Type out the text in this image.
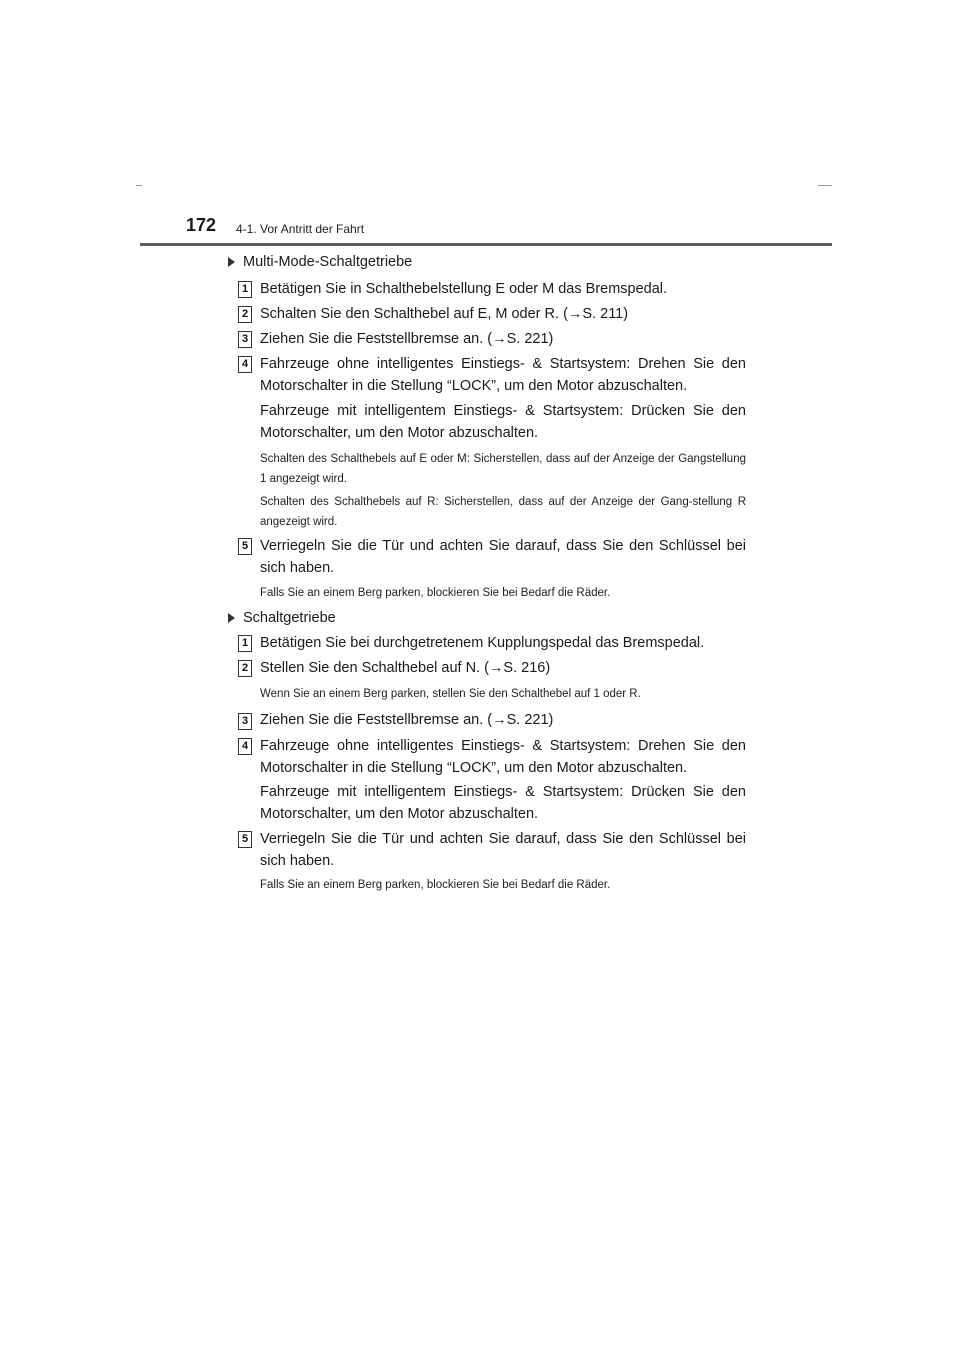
172 4-1. Vor Antritt der Fahrt
Multi-Mode-Schaltgetriebe
1 Betätigen Sie in Schalthebelstellung E oder M das Bremspedal.
2 Schalten Sie den Schalthebel auf E, M oder R. (→S. 211)
3 Ziehen Sie die Feststellbremse an. (→S. 221)
4 Fahrzeuge ohne intelligentes Einstiegs- & Startsystem: Drehen Sie den Motorschalter in die Stellung “LOCK”, um den Motor abzuschalten.
Fahrzeuge mit intelligentem Einstiegs- & Startsystem: Drücken Sie den Motorschalter, um den Motor abzuschalten.
Schalten des Schalthebels auf E oder M: Sicherstellen, dass auf der Anzeige der Gangstellung 1 angezeigt wird.
Schalten des Schalthebels auf R: Sicherstellen, dass auf der Anzeige der Gang-stellung R angezeigt wird.
5 Verriegeln Sie die Tür und achten Sie darauf, dass Sie den Schlüssel bei sich haben.
Falls Sie an einem Berg parken, blockieren Sie bei Bedarf die Räder.
Schaltgetriebe
1 Betätigen Sie bei durchgetretenem Kupplungspedal das Bremspedal.
2 Stellen Sie den Schalthebel auf N. (→S. 216)
Wenn Sie an einem Berg parken, stellen Sie den Schalthebel auf 1 oder R.
3 Ziehen Sie die Feststellbremse an. (→S. 221)
4 Fahrzeuge ohne intelligentes Einstiegs- & Startsystem: Drehen Sie den Motorschalter in die Stellung “LOCK”, um den Motor abzuschalten.
Fahrzeuge mit intelligentem Einstiegs- & Startsystem: Drücken Sie den Motorschalter, um den Motor abzuschalten.
5 Verriegeln Sie die Tür und achten Sie darauf, dass Sie den Schlüssel bei sich haben.
Falls Sie an einem Berg parken, blockieren Sie bei Bedarf die Räder.
